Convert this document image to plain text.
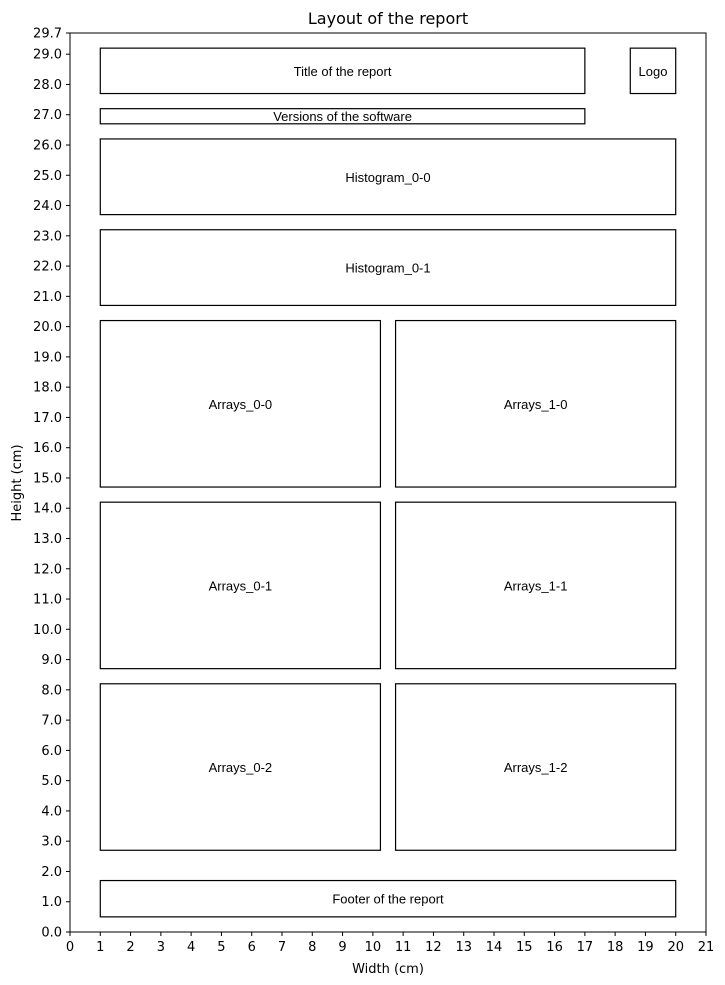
Layout of the report
Title of the report	Logo
Versions of the software
Histogram_0-0
Histogram_0-1
Arrays_0-0	Arrays_1-0
Arrays_0-1	Arrays_1-1
Arrays_0-2	Arrays_1-2
Footer of the report
0 1 2 3 4 5 6 7 8 9 10 11 12 13 14 15 16 17 18 19 20 21
0.0
1.0
2.0
3.0
4.0
5.0
6.0
7.0
8.0
9.0
10.0
11.0
12.0
13.0
14.0
15.0
16.0
17.0
18.0
19.0
20.0
21.0
22.0
23.0
24.0
25.0
26.0
27.0
28.0
29.0
29.7
Width (cm)
Height (cm)
